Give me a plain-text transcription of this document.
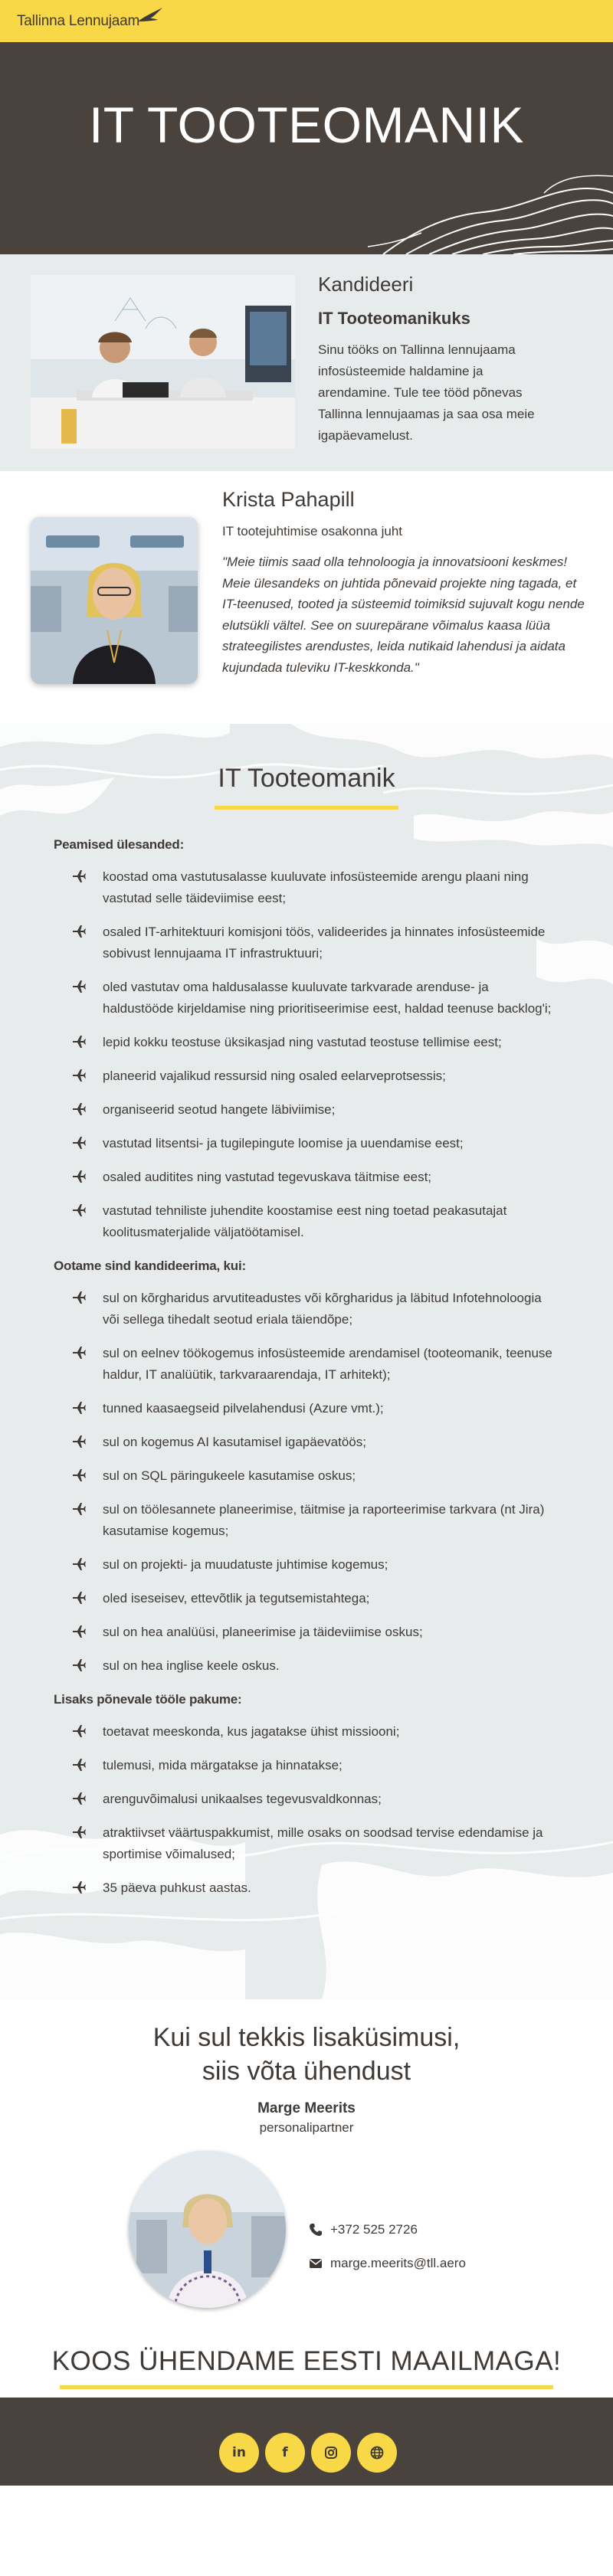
Tallinna Lennujaam
IT TOOTEOMANIK
Kandideeri
IT Tooteomanikuks
Sinu tööks on Tallinna lennujaama infosüsteemide haldamine ja arendamine. Tule tee tööd põnevas Tallinna lennujaamas ja saa osa meie igapäevamelust.
Krista Pahapill
IT tootejuhtimise osakonna juht
"Meie tiimis saad olla tehnoloogia ja innovatsiooni keskmes! Meie ülesandeks on juhtida põnevaid projekte ning tagada, et IT-teenused, tooted ja süsteemid toimiksid sujuvalt kogu nende elutsükli vältel. See on suurepärane võimalus kaasa lüüa strateegilistes arendustes, leida nutikaid lahendusi ja aidata kujundada tuleviku IT-keskkonda."
IT Tooteomanik
Peamised ülesanded:
koostad oma vastutusalasse kuuluvate infosüsteemide arengu plaani ning vastutad selle täideviimise eest;
osaled IT-arhitektuuri komisjoni töös, valideerides ja hinnates infosüsteemide sobivust lennujaama IT infrastruktuuri;
oled vastutav oma haldusalasse kuuluvate tarkvarade arenduse- ja haldustööde kirjeldamise ning prioritiseerimise eest, haldad teenuse backlog'i;
lepid kokku teostuse üksikasjad ning vastutad teostuse tellimise eest;
planeerid vajalikud ressursid ning osaled eelarveprotsessis;
organiseerid seotud hangete läbiviimise;
vastutad litsentsi- ja tugilepingute loomise ja uuendamise eest;
osaled auditites ning vastutad tegevuskava täitmise eest;
vastutad tehniliste juhendite koostamise eest ning toetad peakasutajat koolitusmaterjalide väljatöötamisel.
Ootame sind kandideerima, kui:
sul on kõrgharidus arvutiteadustes või kõrgharidus ja läbitud Infotehnoloogia või sellega tihedalt seotud eriala täiendõpe;
sul on eelnev töökogemus infosüsteemide arendamisel (tooteomanik, teenuse haldur, IT analüütik, tarkvaraarendaja, IT arhitekt);
tunned kaasaegseid pilvelahendusi (Azure vmt.);
sul on kogemus AI kasutamisel igapäevatöös;
sul on SQL päringukeele kasutamise oskus;
sul on töölesannete planeerimise, täitmise ja raporteerimise tarkvara (nt Jira) kasutamise kogemus;
sul on projekti- ja muudatuste juhtimise kogemus;
oled iseseisev, ettevõtlik ja tegutsemistahtega;
sul on hea analüüsi, planeerimise ja täideviimise oskus;
sul on hea inglise keele oskus.
Lisaks põnevale tööle pakume:
toetavat meeskonda, kus jagatakse ühist missiooni;
tulemusi, mida märgatakse ja hinnatakse;
arenguvõimalusi unikaalses tegevusvaldkonnas;
atraktiivset väärtuspakkumist, mille osaks on soodsad tervise edendamise ja sportimise võimalused;
35 päeva puhkust aastas.
Kui sul tekkis lisaküsimusi,
siis võta ühendust
Marge Meerits
personalipartner
+372 525 2726
marge.meerits@tll.aero
KOOS ÜHENDAME EESTI MAAILMAGA!
in	f
